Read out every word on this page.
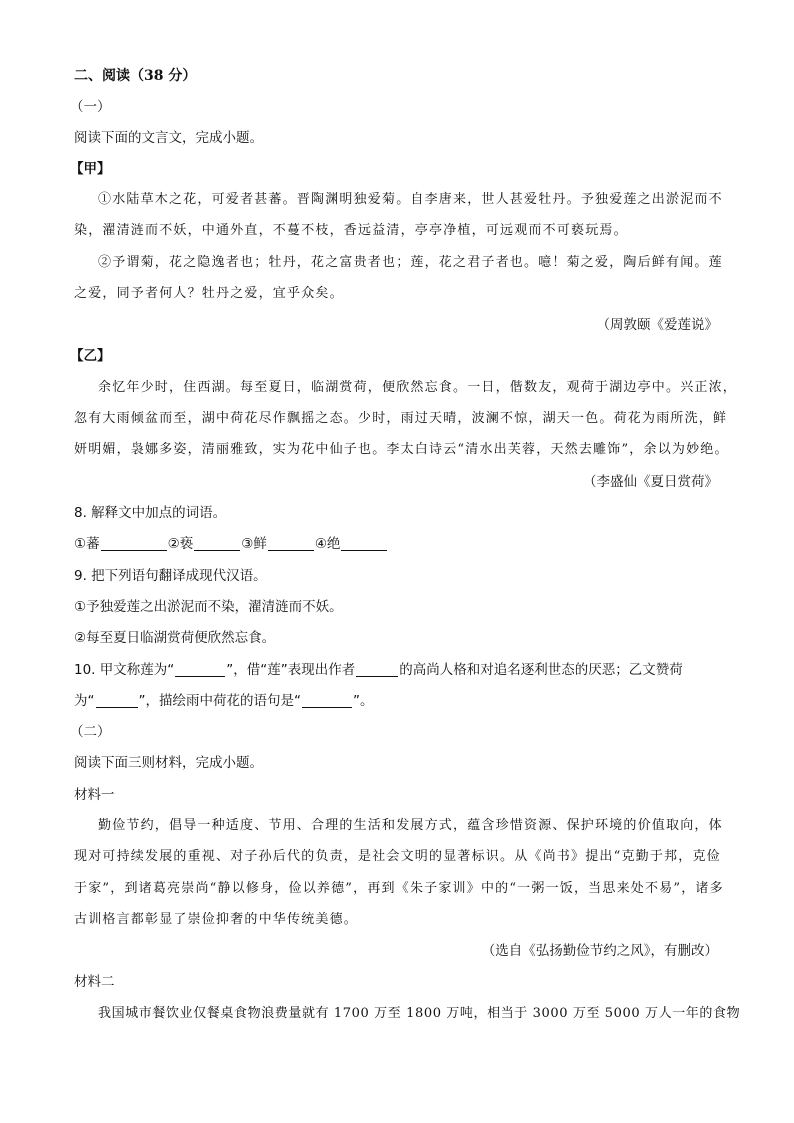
二、阅读（38 分）
（一）
阅读下面的文言文，完成小题。
【甲】
①水陆草木之花，可爱者甚蕃。晋陶渊明独爱菊。自李唐来，世人甚爱牡丹。予独爱莲之出淤泥而不
染，濯清涟而不妖，中通外直，不蔓不枝，香远益清，亭亭净植，可远观而不可亵玩焉。
②予谓菊，花之隐逸者也；牡丹，花之富贵者也；莲，花之君子者也。噫！菊之爱，陶后鲜有闻。莲
之爱，同予者何人？牡丹之爱，宜乎众矣。
（周敦颐《爱莲说》
【乙】
余忆年少时，住西湖。每至夏日，临湖赏荷，便欣然忘食。一日，偕数友，观荷于湖边亭中。兴正浓，
忽有大雨倾盆而至，湖中荷花尽作飘摇之态。少时，雨过天晴，波澜不惊，湖天一色。荷花为雨所洗，鲜
妍明媚，袅娜多姿，清丽雅致，实为花中仙子也。李太白诗云“清水出芙蓉，天然去雕饰”，余以为妙绝。
（李盛仙《夏日赏荷》
8. 解释文中加点的词语。
①蕃	②亵	③鲜	④绝
9. 把下列语句翻译成现代汉语。
①予独爱莲之出淤泥而不染，濯清涟而不妖。
②每至夏日临湖赏荷便欣然忘食。
10. 甲文称莲为“	”，借“莲”表现出作者	的高尚人格和对追名逐利世态的厌恶；乙文赞荷
为“	”，描绘雨中荷花的语句是“	”。
（二）
阅读下面三则材料，完成小题。
材料一
勤俭节约，倡导一种适度、节用、合理的生活和发展方式，蕴含珍惜资源、保护环境的价值取向，体
现对可持续发展的重视、对子孙后代的负责，是社会文明的显著标识。从《尚书》提出“克勤于邦，克俭
于家”，到诸葛亮崇尚“静以修身，俭以养德”，再到《朱子家训》中的“一粥一饭，当思来处不易”，诸多
古训格言都彰显了崇俭抑奢的中华传统美德。
（选自《弘扬勤俭节约之风》，有删改）
材料二
我国城市餐饮业仅餐桌食物浪费量就有 1700 万至 1800 万吨，相当于 3000 万至 5000 万人一年的食物
